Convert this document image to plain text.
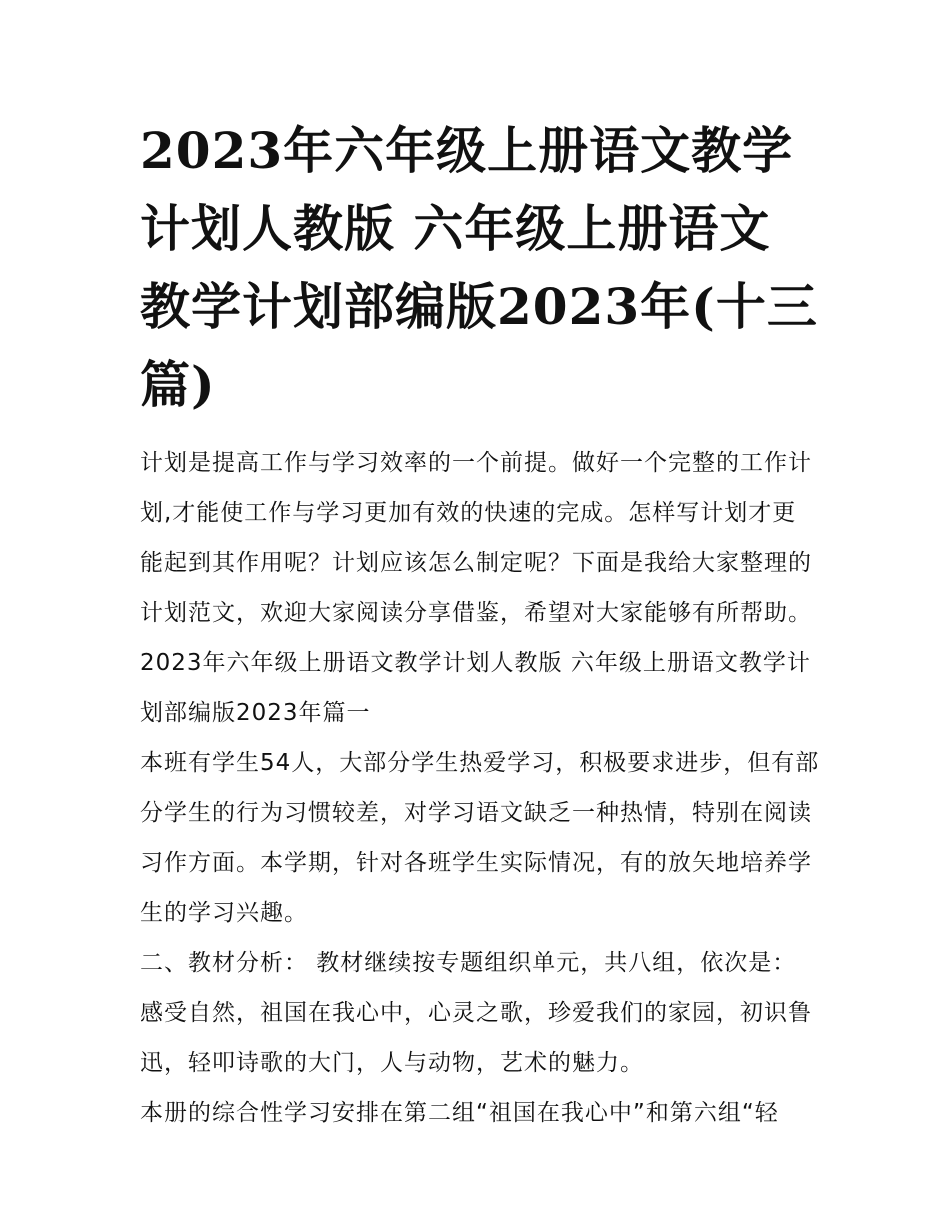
2023年六年级上册语文教学计划人教版 六年级上册语文教学计划部编版2023年(十三篇)

计划是提高工作与学习效率的一个前提。做好一个完整的工作计划,才能使工作与学习更加有效的快速的完成。怎样写计划才更能起到其作用呢？计划应该怎么制定呢？下面是我给大家整理的计划范文，欢迎大家阅读分享借鉴，希望对大家能够有所帮助。

2023年六年级上册语文教学计划人教版 六年级上册语文教学计划部编版2023年篇一

本班有学生54人，大部分学生热爱学习，积极要求进步，但有部分学生的行为习惯较差，对学习语文缺乏一种热情，特别在阅读习作方面。本学期，针对各班学生实际情况，有的放矢地培养学生的学习兴趣。

二、教材分析： 教材继续按专题组织单元，共八组，依次是：感受自然，祖国在我心中，心灵之歌，珍爱我们的家园，初识鲁迅，轻叩诗歌的大门，人与动物，艺术的魅力。

本册的综合性学习安排在第二组“祖国在我心中”和第六组“轻
